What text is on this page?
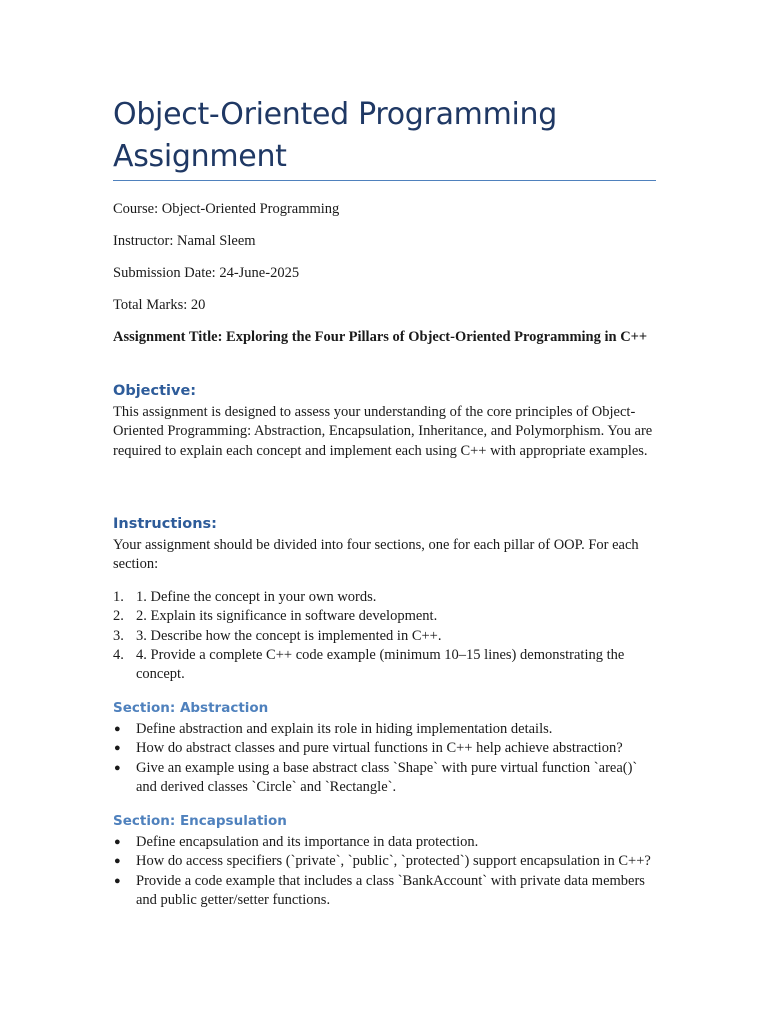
Object-Oriented Programming Assignment

Course: Object-Oriented Programming

Instructor: Namal Sleem

Submission Date: 24-June-2025

Total Marks: 20

Assignment Title: Exploring the Four Pillars of Object-Oriented Programming in C++

Objective:

This assignment is designed to assess your understanding of the core principles of Object-Oriented Programming: Abstraction, Encapsulation, Inheritance, and Polymorphism. You are required to explain each concept and implement each using C++ with appropriate examples.

Instructions:

Your assignment should be divided into four sections, one for each pillar of OOP. For each section:

1. 1. Define the concept in your own words.
2. 2. Explain its significance in software development.
3. 3. Describe how the concept is implemented in C++.
4. 4. Provide a complete C++ code example (minimum 10–15 lines) demonstrating the concept.
Section: Abstraction
● Define abstraction and explain its role in hiding implementation details.
● How do abstract classes and pure virtual functions in C++ help achieve abstraction?
● Give an example using a base abstract class `Shape` with pure virtual function `area()` and derived classes `Circle` and `Rectangle`.
Section: Encapsulation
● Define encapsulation and its importance in data protection.
● How do access specifiers (`private`, `public`, `protected`) support encapsulation in C++?
● Provide a code example that includes a class `BankAccount` with private data members and public getter/setter functions.
